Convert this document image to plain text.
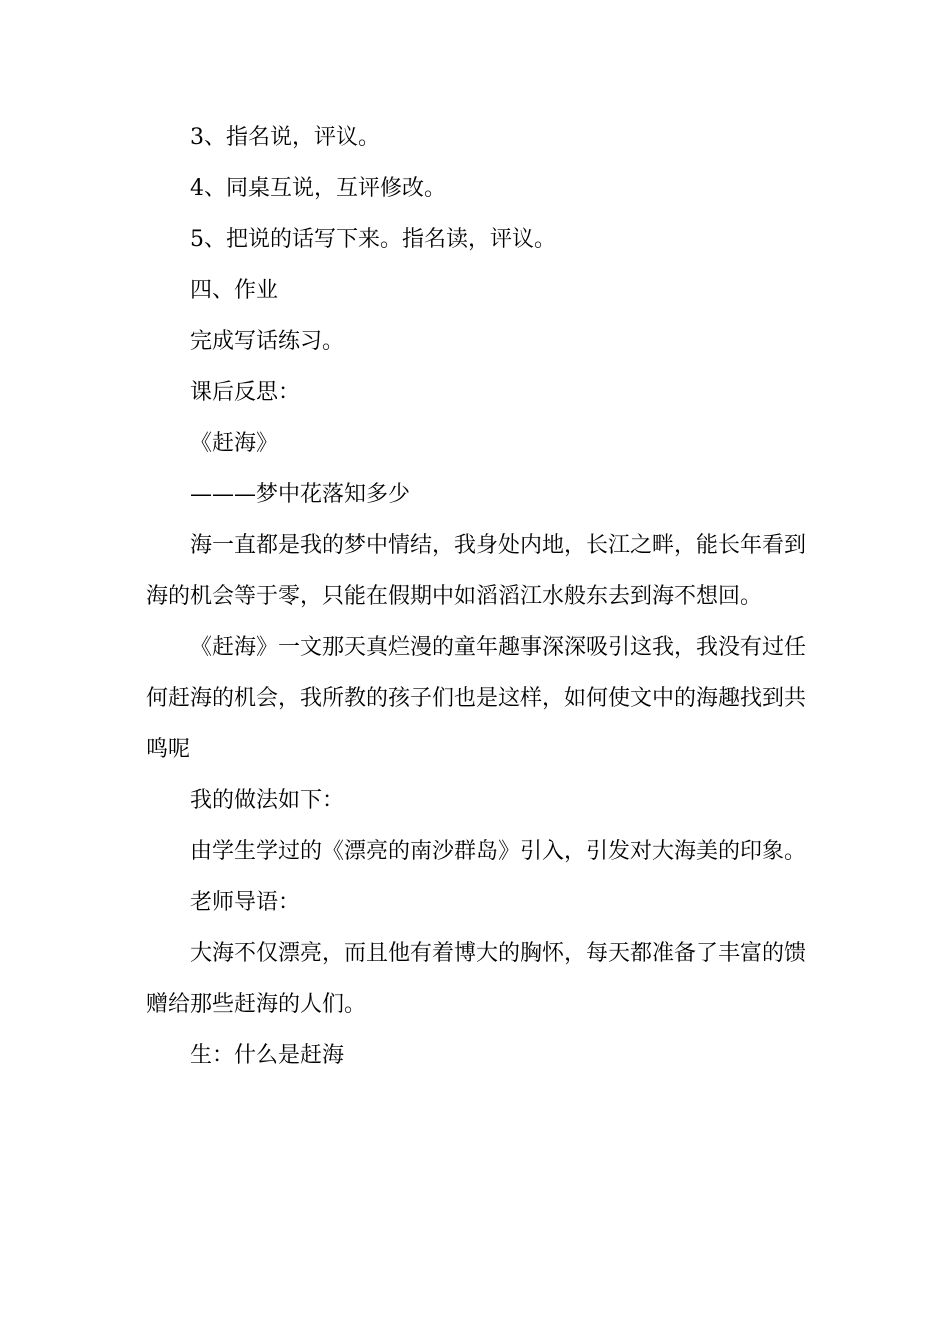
3、指名说，评议。

4、同桌互说，互评修改。

5、把说的话写下来。指名读，评议。

四、作业

完成写话练习。

课后反思：

《赶海》

———梦中花落知多少

海一直都是我的梦中情结，我身处内地，长江之畔，能长年看到海的机会等于零，只能在假期中如滔滔江水般东去到海不想回。

《赶海》一文那天真烂漫的童年趣事深深吸引这我，我没有过任何赶海的机会，我所教的孩子们也是这样，如何使文中的海趣找到共鸣呢

我的做法如下：

由学生学过的《漂亮的南沙群岛》引入，引发对大海美的印象。

老师导语：

大海不仅漂亮，而且他有着博大的胸怀，每天都准备了丰富的馈赠给那些赶海的人们。

生：什么是赶海
